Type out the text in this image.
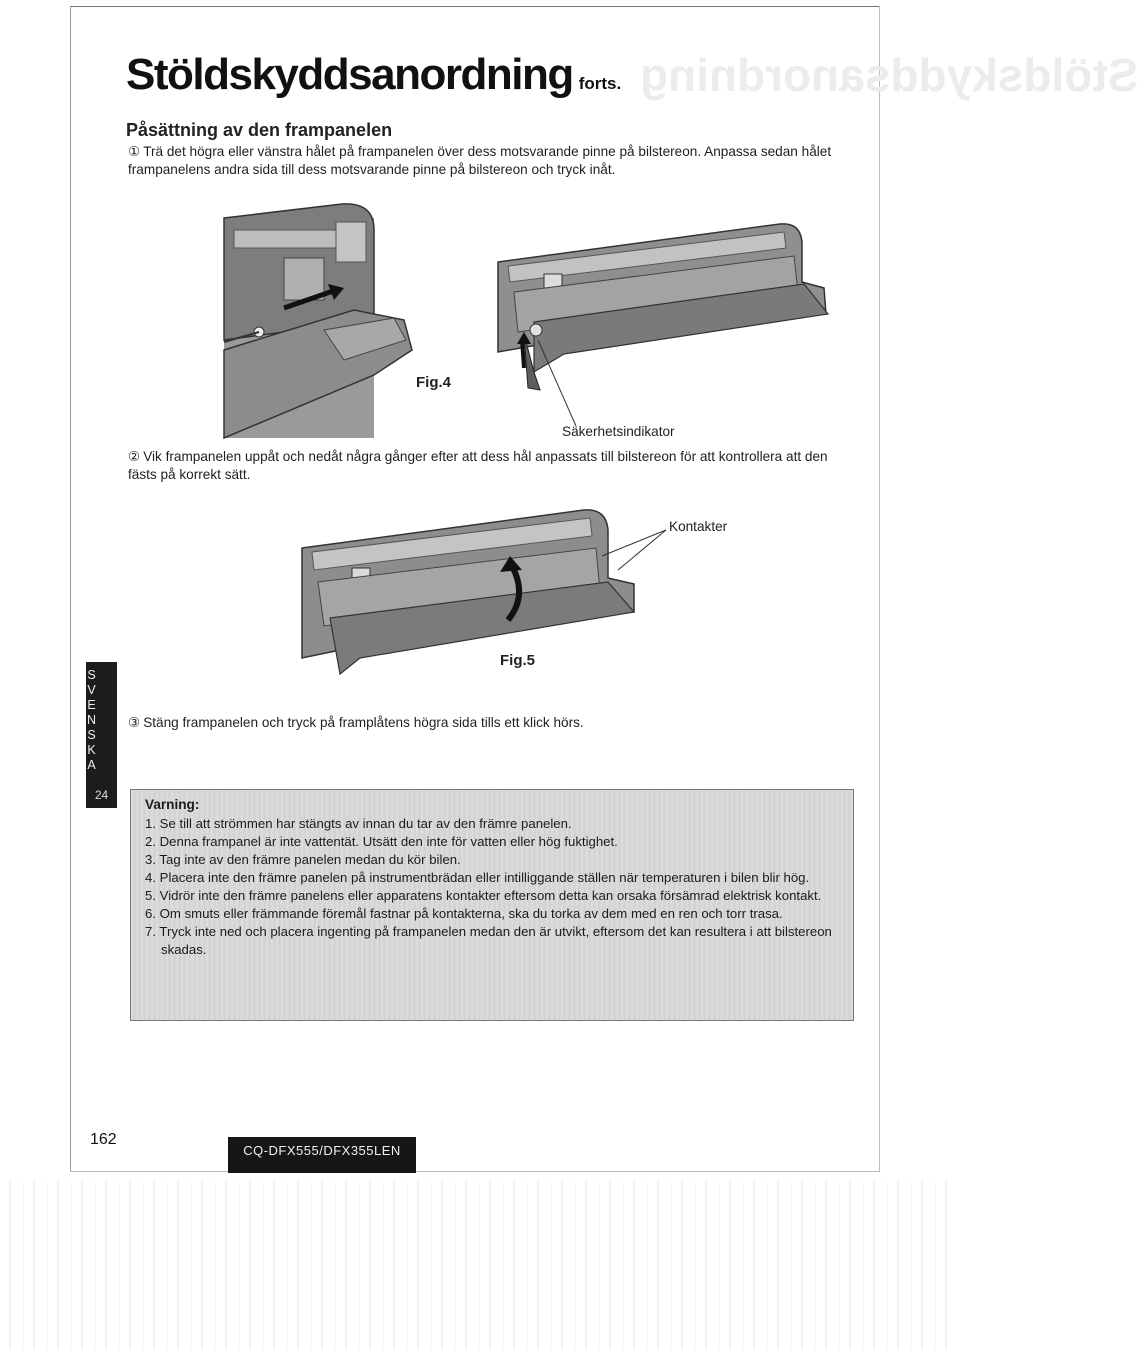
Stöldskyddsanordning
Stöldskyddsanordning forts.
Påsättning av den frampanelen
① Trä det högra eller vänstra hålet på frampanelen över dess motsvarande pinne på bilstereon. Anpassa sedan hålet frampanelens andra sida till dess motsvarande pinne på bilstereon och tryck inåt.
Fig.4
Säkerhetsindikator
② Vik frampanelen uppåt och nedåt några gånger efter att dess hål anpassats till bilstereon för att kontrollera att den fästs på korrekt sätt.
Fig.5
Kontakter
③ Stäng frampanelen och tryck på framplåtens högra sida tills ett klick hörs.
SVENSKA
24
Varning:
1. Se till att strömmen har stängts av innan du tar av den främre panelen.
2. Denna frampanel är inte vattentät. Utsätt den inte för vatten eller hög fuktighet.
3. Tag inte av den främre panelen medan du kör bilen.
4. Placera inte den främre panelen på instrumentbrädan eller intilliggande ställen när temperaturen i bilen blir hög.
5. Vidrör inte den främre panelens eller apparatens kontakter eftersom detta kan orsaka försämrad elektrisk kontakt.
6. Om smuts eller främmande föremål fastnar på kontakterna, ska du torka av dem med en ren och torr trasa.
7. Tryck inte ned och placera ingenting på frampanelen medan den är utvikt, eftersom det kan resultera i att bilstereon skadas.
162
CQ-DFX555/DFX355LEN
